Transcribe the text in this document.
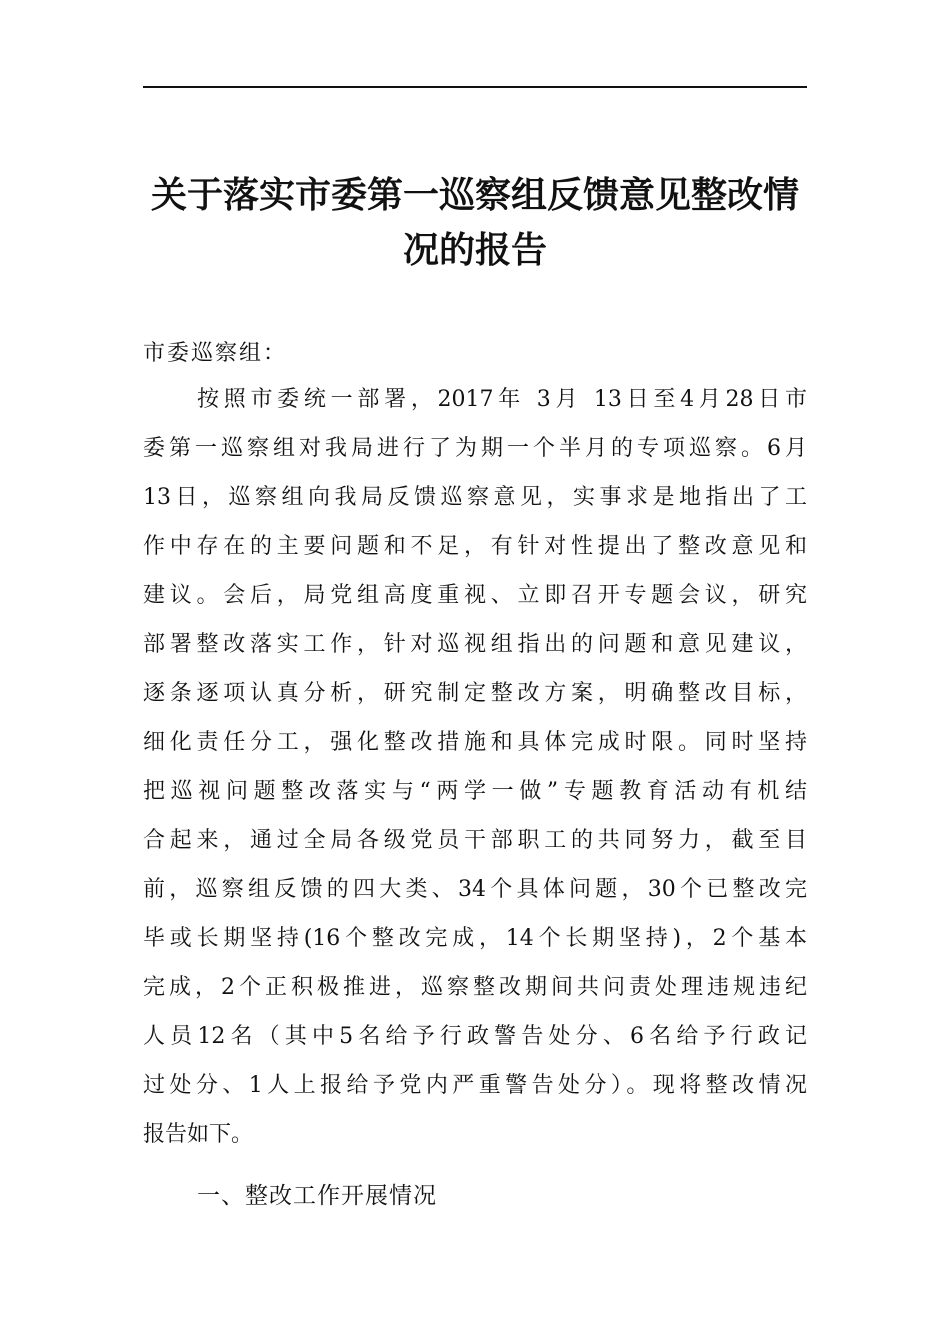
关于落实市委第一巡察组反馈意见整改情
况的报告
市委巡察组：
按照市委统一部署，2017年 3月 13日至4月28日市
委第一巡察组对我局进行了为期一个半月的专项巡察。6月
13日，巡察组向我局反馈巡察意见，实事求是地指出了工
作中存在的主要问题和不足，有针对性提出了整改意见和
建议。会后，局党组高度重视、立即召开专题会议，研究
部署整改落实工作，针对巡视组指出的问题和意见建议，
逐条逐项认真分析，研究制定整改方案，明确整改目标，
细化责任分工，强化整改措施和具体完成时限。同时坚持
把巡视问题整改落实与“两学一做”专题教育活动有机结
合起来，通过全局各级党员干部职工的共同努力，截至目
前，巡察组反馈的四大类、34个具体问题，30个已整改完
毕或长期坚持(16个整改完成，14个长期坚持)，2个基本
完成，2个正积极推进，巡察整改期间共问责处理违规违纪
人员12名（其中5名给予行政警告处分、6名给予行政记
过处分、1人上报给予党内严重警告处分）。现将整改情况
报告如下。
一、整改工作开展情况
